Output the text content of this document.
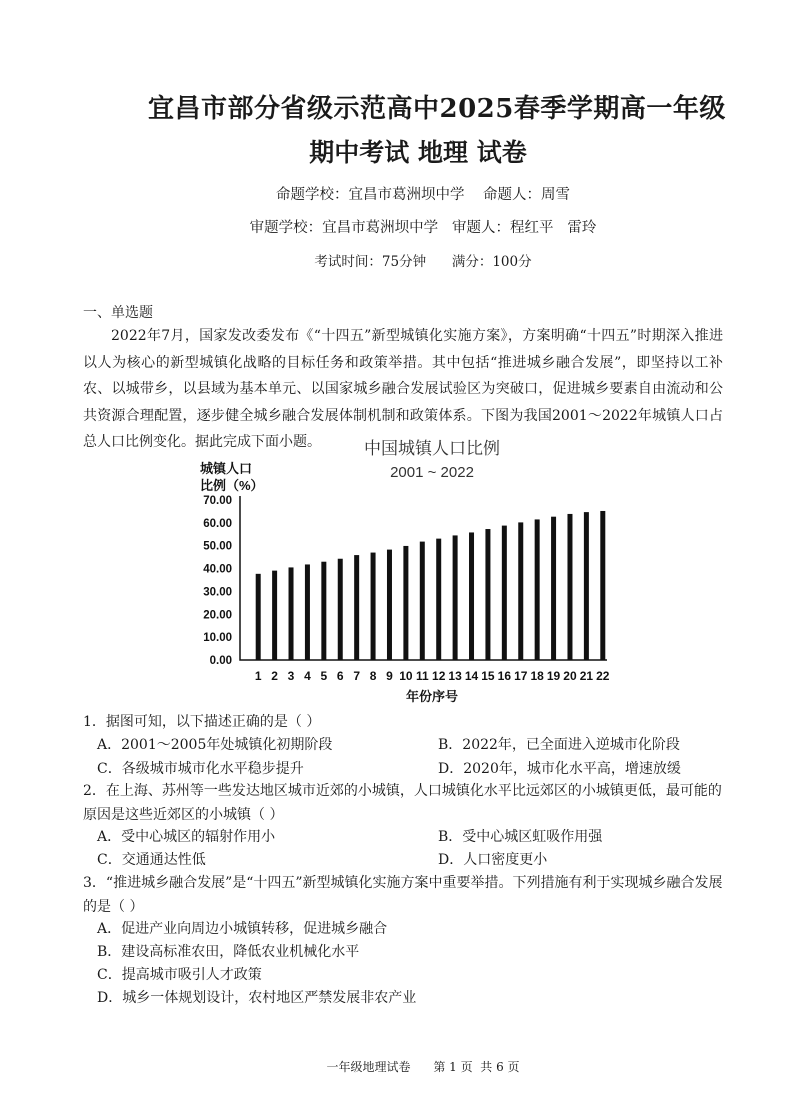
宜昌市部分省级示范高中2025春季学期高一年级
期中考试 地理 试卷
命题学校：宜昌市葛洲坝中学    命题人：周雪
审题学校：宜昌市葛洲坝中学   审题人：程红平   雷玲
考试时间：75分钟      满分：100分
一、单选题
2022年7月，国家发改委发布《“十四五”新型城镇化实施方案》，方案明确“十四五”时期深入推进以人为核心的新型城镇化战略的目标任务和政策举措。其中包括“推进城乡融合发展”，即坚持以工补农、以城带乡，以县域为基本单元、以国家城乡融合发展试验区为突破口，促进城乡要素自由流动和公共资源合理配置，逐步健全城乡融合发展体制机制和政策体系。下图为我国2001～2022年城镇人口占总人口比例变化。据此完成下面小题。	中国城镇人口比例
2001 ~ 2022
城镇人口
比例（%）
年份序号
70.00
60.00
50.00
40.00
30.00
20.00
10.00
0.00
1 2 3 4 5 6 7 8 9 10 11 12 13 14 15 16 17 18 19 20 21 22
1．据图可知，以下描述正确的是（ ）
A．2001～2005年处城镇化初期阶段	B．2022年，已全面进入逆城市化阶段
C．各级城市城市化水平稳步提升	D．2020年，城市化水平高，增速放缓
2．在上海、苏州等一些发达地区城市近郊的小城镇，人口城镇化水平比远郊区的小城镇更低，最可能的原因是这些近郊区的小城镇（ ）
A．受中心城区的辐射作用小	B．受中心城区虹吸作用强
C．交通通达性低	D．人口密度更小
3．“推进城乡融合发展”是“十四五”新型城镇化实施方案中重要举措。下列措施有利于实现城乡融合发展的是（ ）
A．促进产业向周边小城镇转移，促进城乡融合
B．建设高标准农田，降低农业机械化水平
C．提高城市吸引人才政策
D．城乡一体规划设计，农村地区严禁发展非农产业
一年级地理试卷      第 1 页  共 6 页
